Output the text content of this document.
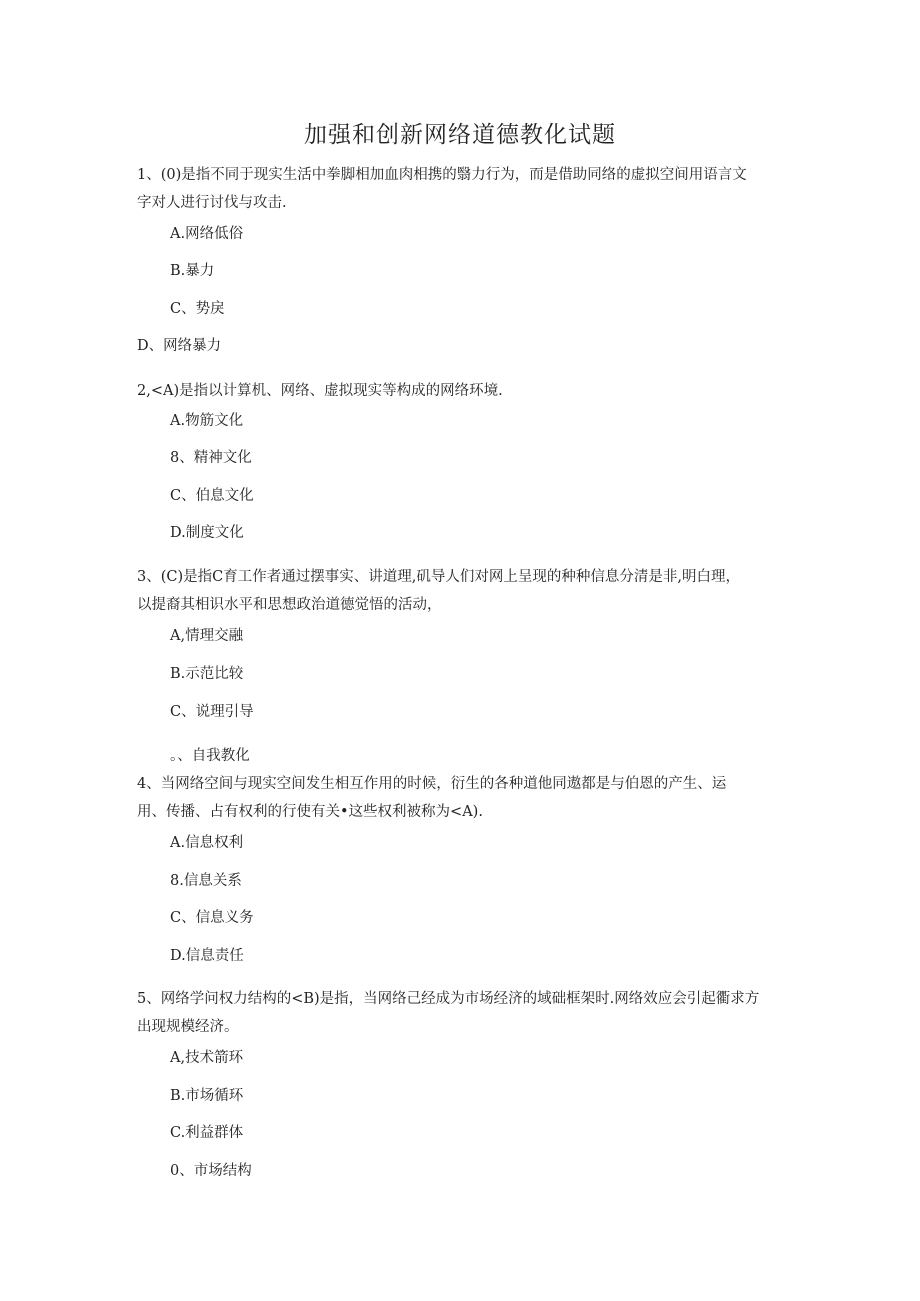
加强和创新网络道德教化试题
1、(0)是指不同于现实生活中拳脚相加血肉相携的翳力行为，而是借助同络的虚拟空间用语言文
字对人进行讨伐与攻击.
A.网络低俗
B.暴力
C、势戾
D、网络暴力
2,<A)是指以计算机、网络、虚拟现实等构成的网络环境.
A.物筋文化
8、精神文化
C、伯息文化
D.制度文化
3、(C)是指C育工作者通过摆事实、讲道理,矶导人们对网上呈现的种种信息分清是非,明白理，
以提裔其相识水平和思想政治道德觉悟的活动，
A,情理交融
B.示范比较
C、说理引导
。、自我教化
4、当网络空间与现实空间发生相互作用的时候，衍生的各种道他同遨都是与伯恩的产生、运
用、传播、占有权利的行使有关•这些权利被称为<A).
A.信息权利
8.信息关系
C、信息义务
D.信息责任
5、网络学问权力结构的<B)是指，当网络己经成为市场经济的域础框架时.网络效应会引起衢求方
出现规模经济。
A,技术箭环
B.市场循环
C.利益群体
0、市场结构
